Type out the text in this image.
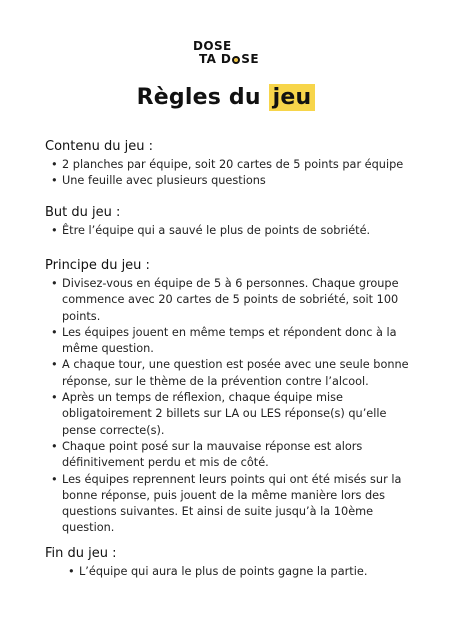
DOSE
TA D SE
Règles du jeu
Contenu du jeu :
• 2 planches par équipe, soit 20 cartes de 5 points par équipe
• Une feuille avec plusieurs questions
But du jeu :
• Être l’équipe qui a sauvé le plus de points de sobriété.
Principe du jeu :
• Divisez-vous en équipe de 5 à 6 personnes. Chaque groupe commence avec 20 cartes de 5 points de sobriété, soit 100 points.
• Les équipes jouent en même temps et répondent donc à la même question.
• A chaque tour, une question est posée avec une seule bonne réponse, sur le thème de la prévention contre l’alcool.
• Après un temps de réflexion, chaque équipe mise obligatoirement 2 billets sur LA ou LES réponse(s) qu’elle pense correcte(s).
• Chaque point posé sur la mauvaise réponse est alors définitivement perdu et mis de côté.
• Les équipes reprennent leurs points qui ont été misés sur la bonne réponse, puis jouent de la même manière lors des questions suivantes. Et ainsi de suite jusqu’à la 10ème question.
Fin du jeu :
• L’équipe qui aura le plus de points gagne la partie.
